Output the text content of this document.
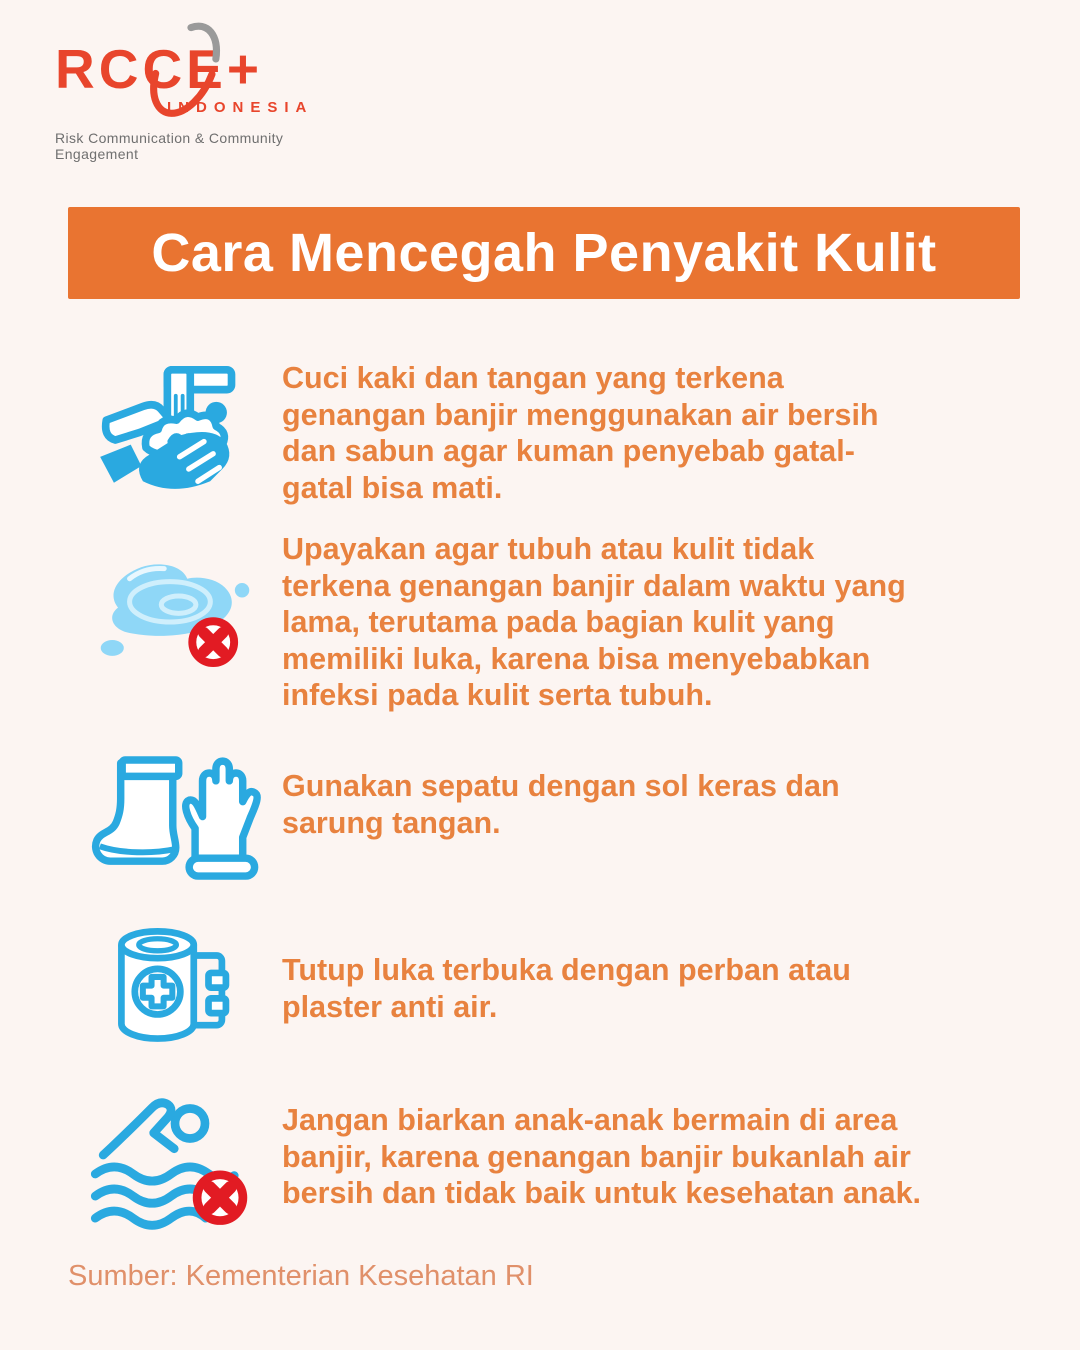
RCCE+
INDONESIA
Risk Communication & Community Engagement
Cara Mencegah Penyakit Kulit
Cuci kaki dan tangan yang terkena genangan banjir menggunakan air bersih dan sabun agar kuman penyebab gatal-gatal bisa mati.
Upayakan agar tubuh atau kulit tidak terkena genangan banjir dalam waktu yang lama, terutama pada bagian kulit yang memiliki luka, karena bisa menyebabkan infeksi pada kulit serta tubuh.
Gunakan sepatu dengan sol keras dan sarung tangan.
Tutup luka terbuka dengan perban atau plaster anti air.
Jangan biarkan anak-anak bermain di area banjir, karena genangan banjir bukanlah air bersih dan tidak baik untuk kesehatan anak.
Sumber: Kementerian Kesehatan RI
